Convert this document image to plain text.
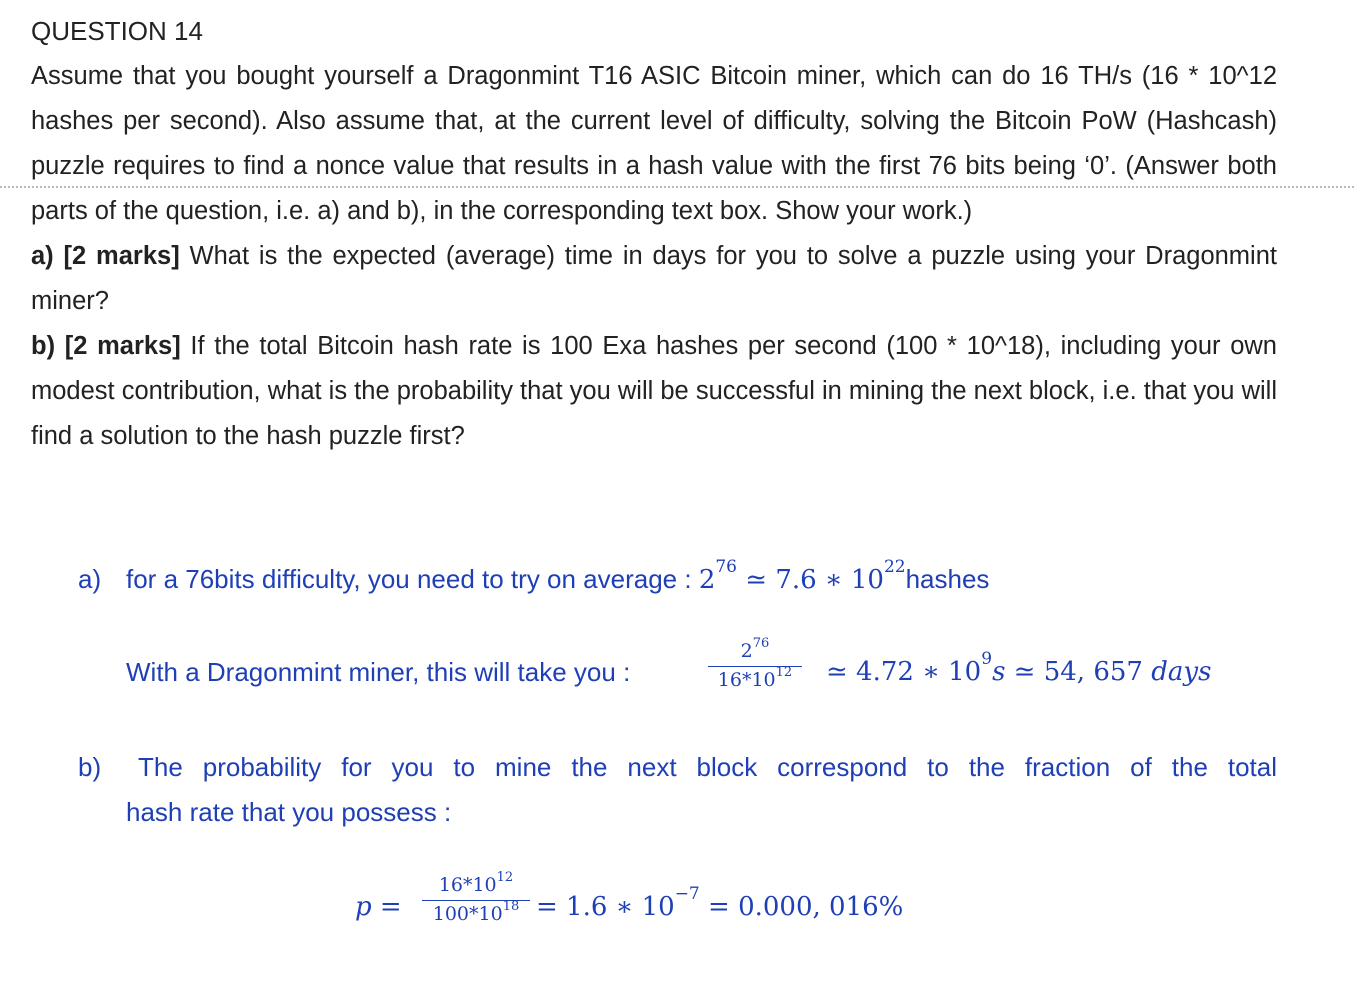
QUESTION 14

Assume that you bought yourself a Dragonmint T16 ASIC Bitcoin miner, which can do 16 TH/s (16 * 10^12 hashes per second). Also assume that, at the current level of difficulty, solving the Bitcoin PoW (Hashcash) puzzle requires to find a nonce value that results in a hash value with the first 76 bits being ‘0’. (Answer both parts of the question, i.e. a) and b), in the corresponding text box. Show your work.)

a) [2 marks] What is the expected (average) time in days for you to solve a puzzle using your Dragonmint miner?

b) [2 marks] If the total Bitcoin hash rate is 100 Exa hashes per second (100 * 10^18), including your own modest contribution, what is the probability that you will be successful in mining the next block, i.e. that you will find a solution to the hash puzzle first?

a) for a 76bits difficulty, you need to try on average : $2^{76}$ ≃ 7.6 ∗ $10^{22}hashes$
With a Dragonmint miner, this will take you :
$2^{76}$
$16*10^{12}$	≃ 4.72 ∗ $10^9s$ ≃ 54, 657 days
b) The probability for you to mine the next block correspond to the fraction of the total
hash rate that you possess :
p =
$16*10^{12}$
$100*10^{18} = 1.6$ ∗ $10^{-7} = 0.000$, 016%
